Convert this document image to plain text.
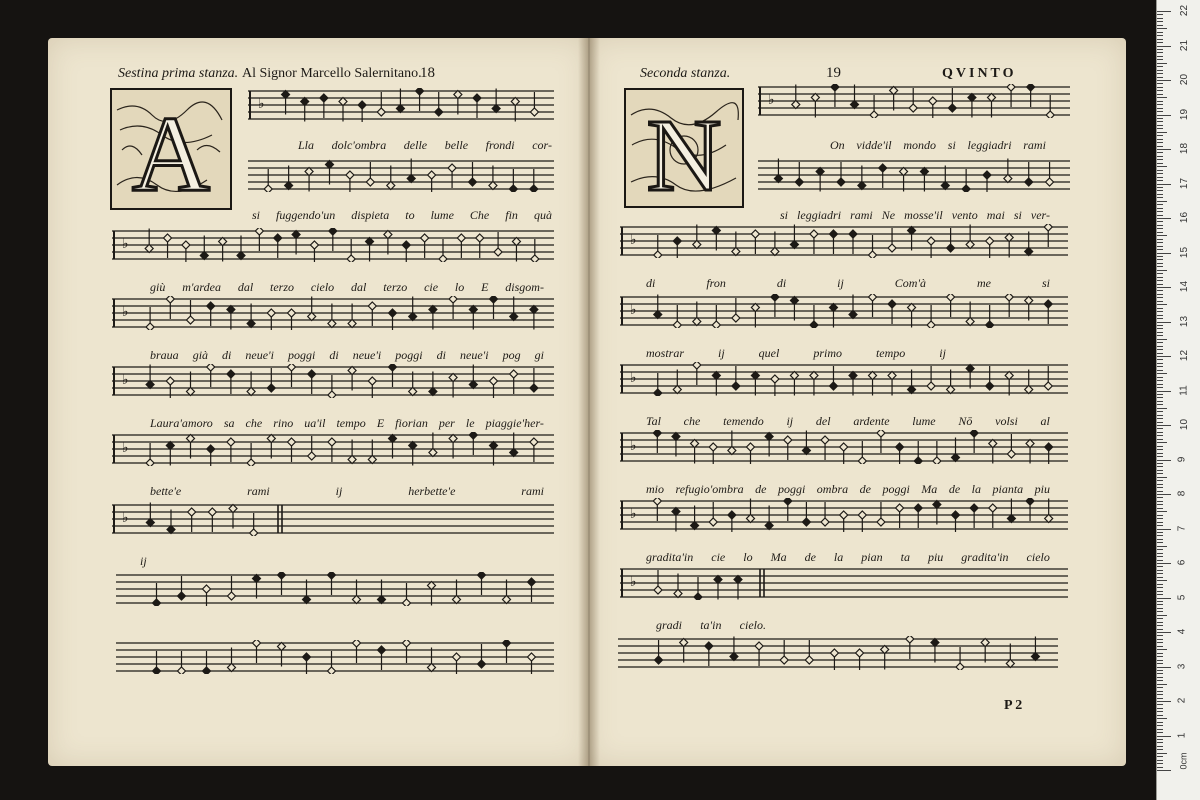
Sestina prima stanza. Al Signor Marcello Salernitano.
18
A	♭
Lla dolc'ombra delle belle frondi cor-
si fuggendo'un dispieta to lume Che fin quà
♭
giù m'ardea dal terzo cielo dal terzo cie lo E disgom-
♭
braua già di neue'i poggi di neue'i poggi di neue'i pog gi
♭
Laura'amoro sa che rino ua'il tempo E fiorian per le piaggie'her-
♭
bette'e	rami	ij	herbette'e	rami
♭
ij
Seconda stanza.	19	QVINTO
N	♭
On vidde'il mondo si leggiadri rami
si leggiadri rami Ne mosse'il vento mai si ver-
♭
di	fron	di	ij	Com'à	me	si
♭
mostrar	ij	quel	primo	tempo	ij
♭
Tal che temendo ij del ardente lume Nō volsi al
♭
mio refugio'ombra de poggi ombra de poggi Ma de la pianta piu
♭
gradita'in cie lo Ma de la pian ta piu gradita'in cielo
♭
gradi ta'in cielo.
P 2
0cm
1
2
3
4
5
6
7
8
9
10
11
12
13
14
15
16
17
18
19
20
21
22
